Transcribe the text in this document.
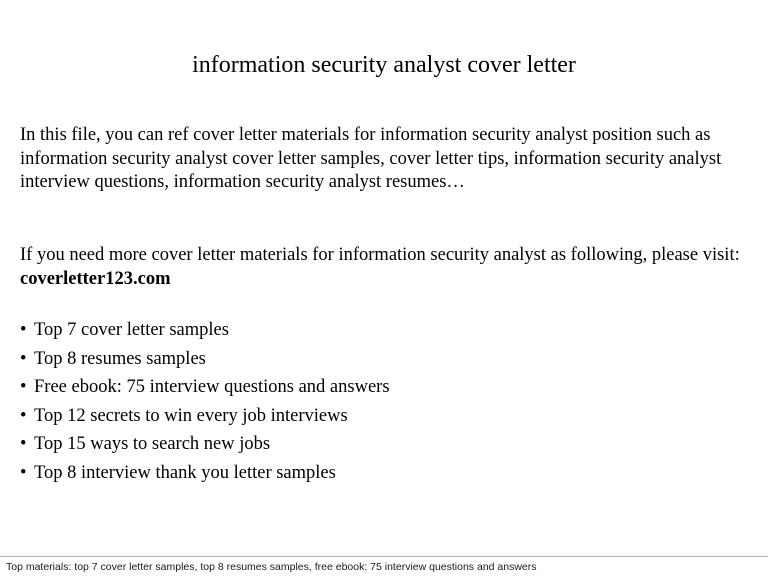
information security analyst cover letter

In this file, you can ref cover letter materials for information security analyst position such as information security analyst cover letter samples, cover letter tips, information security analyst interview questions, information security analyst resumes…

If you need more cover letter materials for information security analyst as following, please visit: coverletter123.com

• Top 7 cover letter samples
• Top 8 resumes samples
• Free ebook: 75 interview questions and answers
• Top 12 secrets to win every job interviews
• Top 15 ways to search new jobs
• Top 8 interview thank you letter samples
Top materials: top 7 cover letter samples, top 8 resumes samples, free ebook: 75 interview questions and answers
